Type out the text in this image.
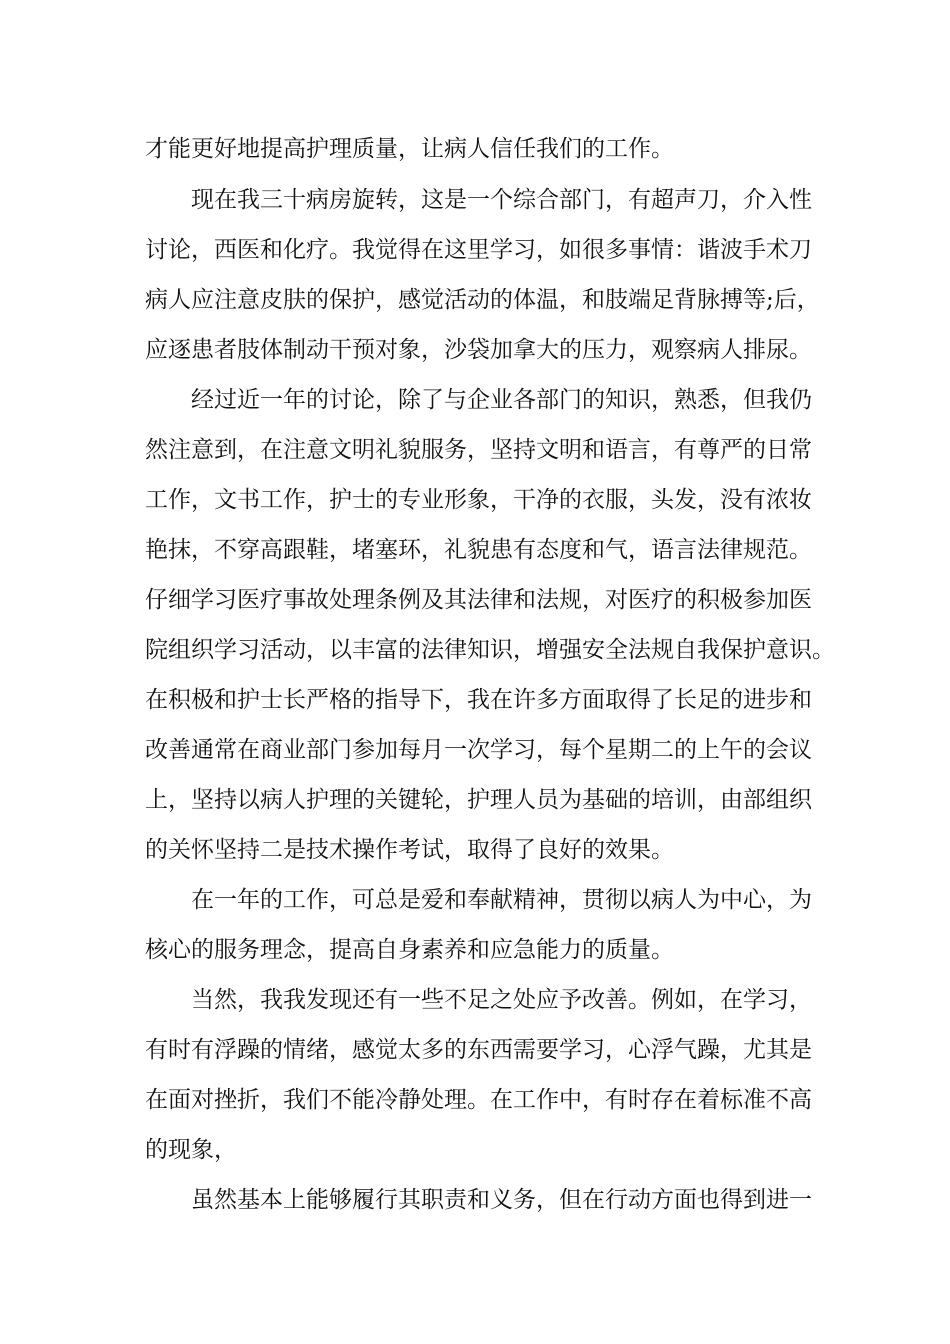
才能更好地提高护理质量，让病人信任我们的工作。
现在我三十病房旋转，这是一个综合部门，有超声刀，介入性
讨论，西医和化疗。我觉得在这里学习，如很多事情：谐波手术刀
病人应注意皮肤的保护，感觉活动的体温，和肢端足背脉搏等;后，
应逐患者肢体制动干预对象，沙袋加拿大的压力，观察病人排尿。
经过近一年的讨论，除了与企业各部门的知识，熟悉，但我仍
然注意到，在注意文明礼貌服务，坚持文明和语言，有尊严的日常
工作，文书工作，护士的专业形象，干净的衣服，头发，没有浓妆
艳抹，不穿高跟鞋，堵塞环，礼貌患有态度和气，语言法律规范。
仔细学习医疗事故处理条例及其法律和法规，对医疗的积极参加医
院组织学习活动，以丰富的法律知识，增强安全法规自我保护意识。
在积极和护士长严格的指导下，我在许多方面取得了长足的进步和
改善通常在商业部门参加每月一次学习，每个星期二的上午的会议
上，坚持以病人护理的关键轮，护理人员为基础的培训，由部组织
的关怀坚持二是技术操作考试，取得了良好的效果。
在一年的工作，可总是爱和奉献精神，贯彻以病人为中心，为
核心的服务理念，提高自身素养和应急能力的质量。
当然，我我发现还有一些不足之处应予改善。例如，在学习，
有时有浮躁的情绪，感觉太多的东西需要学习，心浮气躁，尤其是
在面对挫折，我们不能冷静处理。在工作中，有时存在着标准不高
的现象，
虽然基本上能够履行其职责和义务，但在行动方面也得到进一
